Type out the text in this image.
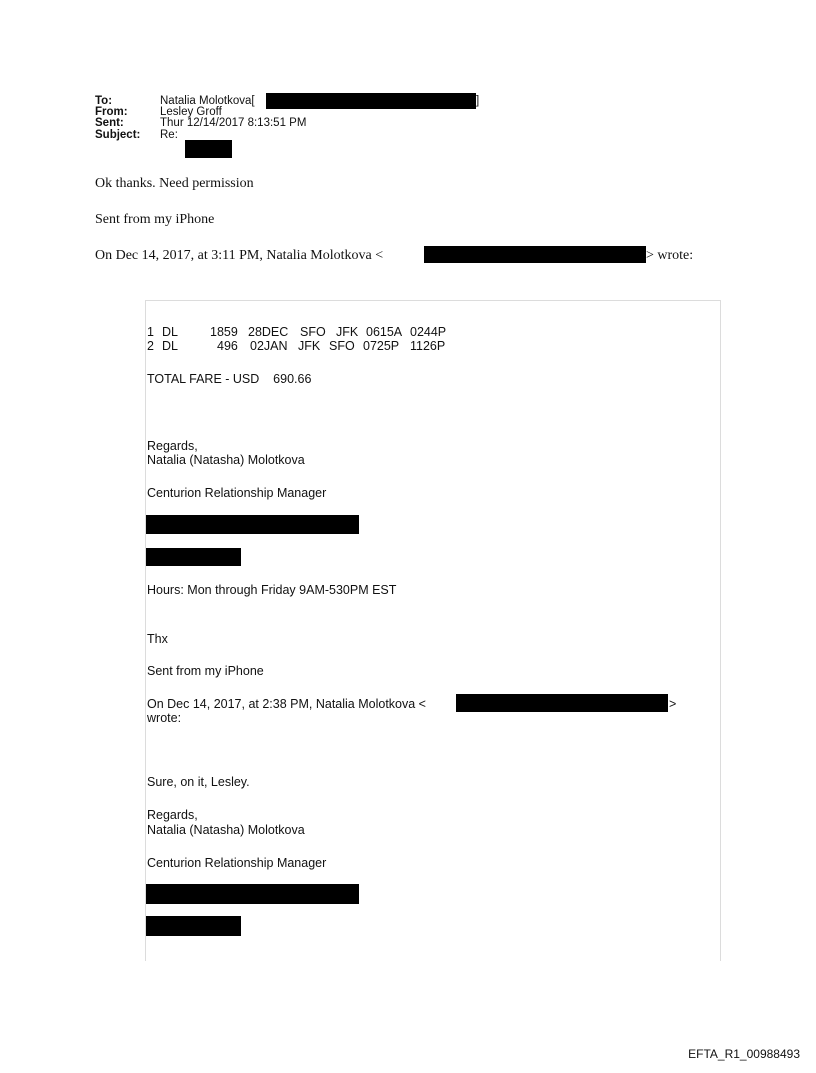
To:	Natalia Molotkova[	]
From:	Lesley Groff
Sent:	Thur 12/14/2017 8:13:51 PM
Subject: Re:
Ok thanks. Need permission
Sent from my iPhone
On Dec 14, 2017, at 3:11 PM, Natalia Molotkova <	> wrote:
1 DL	1859 28DEC SFO JFK 0615A 0244P
2 DL	496 02JAN JFK SFO 0725P 1126P
TOTAL FARE - USD    690.66
Regards,
Natalia (Natasha) Molotkova
Centurion Relationship Manager
Hours: Mon through Friday 9AM-530PM EST
Thx
Sent from my iPhone
On Dec 14, 2017, at 2:38 PM, Natalia Molotkova <	>
wrote:
Sure, on it, Lesley.
Regards,
Natalia (Natasha) Molotkova
Centurion Relationship Manager
EFTA_R1_00988493
